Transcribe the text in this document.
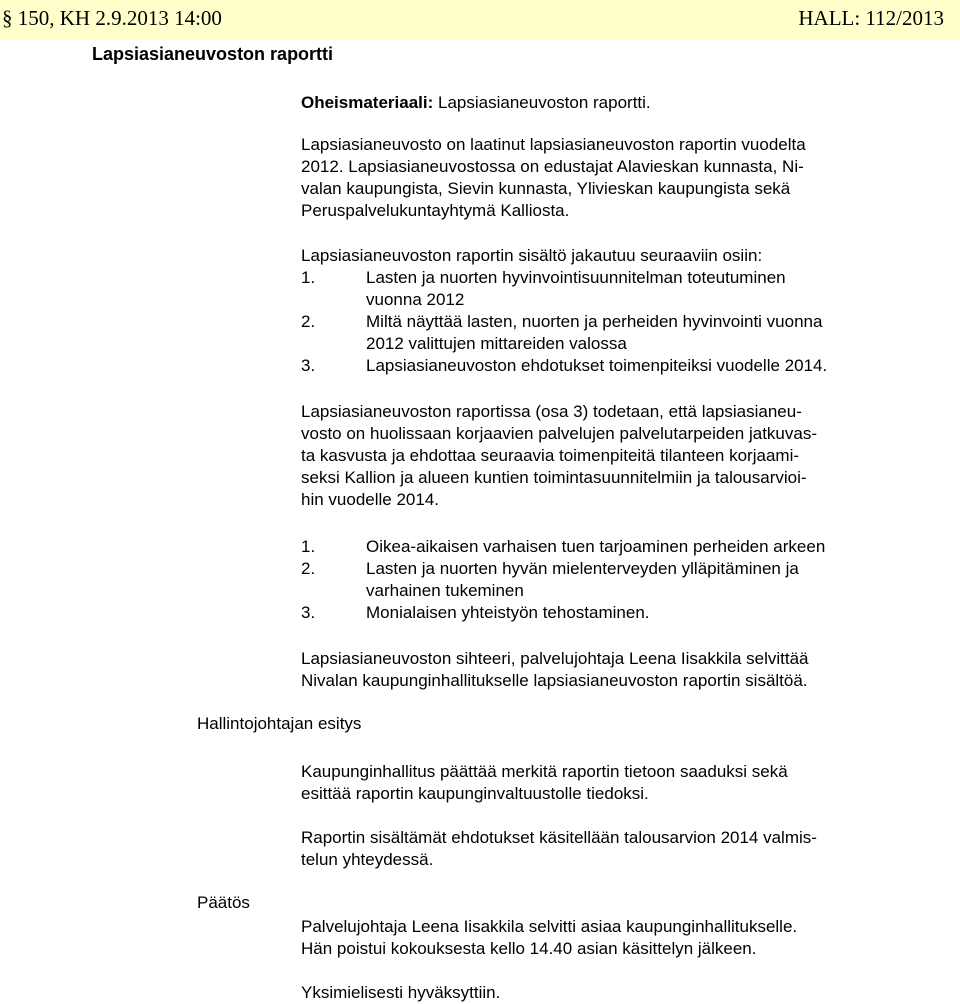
§ 150, KH 2.9.2013 14:00	HALL: 112/2013
Lapsiasianeuvoston raportti
Oheismateriaali: Lapsiasianeuvoston raportti.
Lapsiasianeuvosto on laatinut lapsiasianeuvoston raportin vuodelta
2012. Lapsiasianeuvostossa on edustajat Alavieskan kunnasta, Ni-
valan kaupungista, Sievin kunnasta, Ylivieskan kaupungista sekä
Peruspalvelukuntayhtymä Kalliosta.
Lapsiasianeuvoston raportin sisältö jakautuu seuraaviin osiin:
1.	Lasten ja nuorten hyvinvointisuunnitelman toteutuminen
vuonna 2012
2.	Miltä näyttää lasten, nuorten ja perheiden hyvinvointi vuonna
2012 valittujen mittareiden valossa
3.	Lapsiasianeuvoston ehdotukset toimenpiteiksi vuodelle 2014.
Lapsiasianeuvoston raportissa (osa 3) todetaan, että lapsiasianeu-
vosto on huolissaan korjaavien palvelujen palvelutarpeiden jatkuvas-
ta kasvusta ja ehdottaa seuraavia toimenpiteitä tilanteen korjaami-
seksi Kallion ja alueen kuntien toimintasuunnitelmiin ja talousarvioi-
hin vuodelle 2014.
1.	Oikea-aikaisen varhaisen tuen tarjoaminen perheiden arkeen
2.	Lasten ja nuorten hyvän mielenterveyden ylläpitäminen ja
varhainen tukeminen
3.	Monialaisen yhteistyön tehostaminen.
Lapsiasianeuvoston sihteeri, palvelujohtaja Leena Iisakkila selvittää
Nivalan kaupunginhallitukselle lapsiasianeuvoston raportin sisältöä.
Hallintojohtajan esitys
Kaupunginhallitus päättää merkitä raportin tietoon saaduksi sekä
esittää raportin kaupunginvaltuustolle tiedoksi.
Raportin sisältämät ehdotukset käsitellään talousarvion 2014 valmis-
telun yhteydessä.
Päätös
Palvelujohtaja Leena Iisakkila selvitti asiaa kaupunginhallitukselle.
Hän poistui kokouksesta kello 14.40 asian käsittelyn jälkeen.
Yksimielisesti hyväksyttiin.
